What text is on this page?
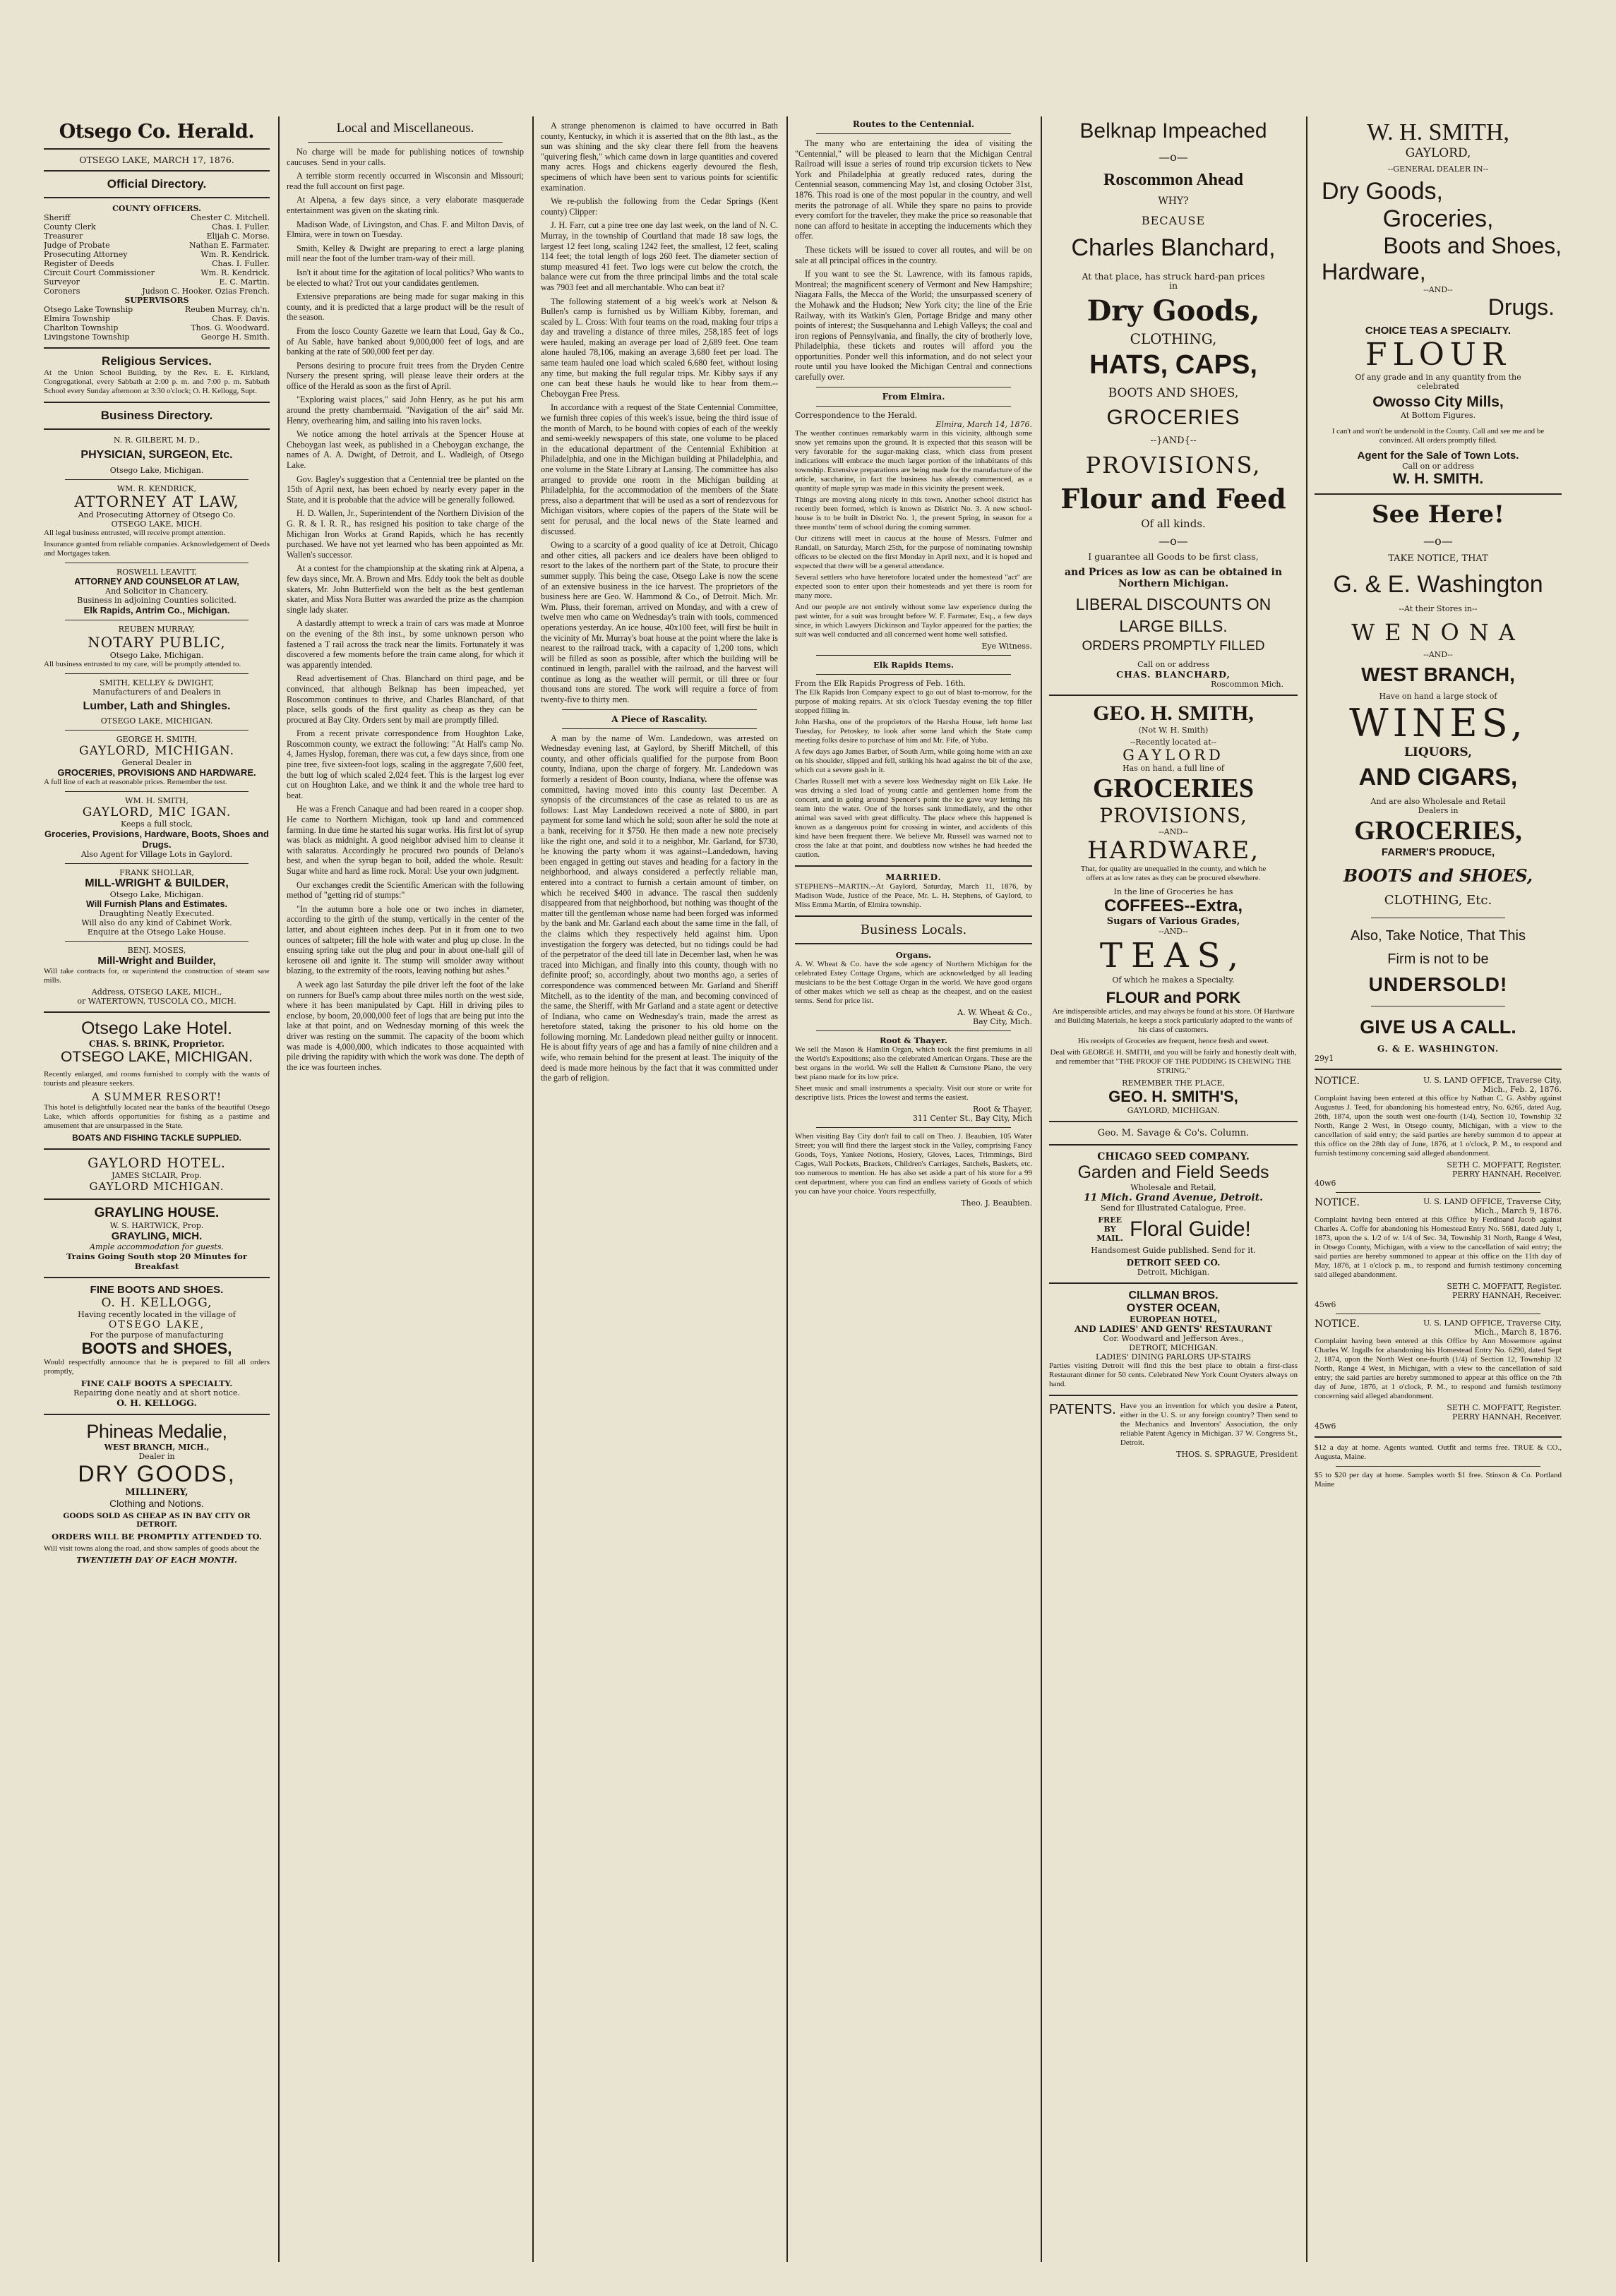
Otsego Co. Herald.
OTSEGO LAKE, MARCH 17, 1876.
Official Directory.
COUNTY OFFICERS.
Sheriff	Chester C. Mitchell.
County Clerk	Chas. I. Fuller.
Treasurer	Elijah C. Morse.
Judge of Probate	Nathan E. Farmater.
Prosecuting Attorney	Wm. R. Kendrick.
Register of Deeds	Chas. I. Fuller.
Circuit Court Commissioner	Wm. R. Kendrick.
Surveyor	E. C. Martin.
Coroners	Judson C. Hooker. Ozias French.
SUPERVISORS
Otsego Lake Township	Reuben Murray, ch'n.
Elmira Township	Chas. F. Davis.
Charlton Township	Thos. G. Woodward.
Livingstone Township	George H. Smith.
Religious Services.

At the Union School Building, by the Rev. E. E. Kirkland, Congregational, every Sabbath at 2:00 p. m. and 7:00 p. m. Sabbath School every Sunday afternoon at 3:30 o'clock; O. H. Kellogg, Supt.

Business Directory.
N. R. GILBERT, M. D.,
PHYSICIAN, SURGEON, Etc.
Otsego Lake, Michigan.
WM. R. KENDRICK,
ATTORNEY AT LAW,
And Prosecuting Attorney of Otsego Co.
OTSEGO LAKE, MICH.

All legal business entrusted, will receive prompt attention.

Insurance granted from reliable companies. Acknowledgement of Deeds and Mortgages taken.

ROSWELL LEAVITT,
ATTORNEY AND COUNSELOR AT LAW,
And Solicitor in Chancery.
Business in adjoining Counties solicited.
Elk Rapids, Antrim Co., Michigan.
REUBEN MURRAY,
NOTARY PUBLIC,
Otsego Lake, Michigan.

All business entrusted to my care, will be promptly attended to.

SMITH, KELLEY & DWIGHT,
Manufacturers of and Dealers in
Lumber, Lath and Shingles.
OTSEGO LAKE, MICHIGAN.
GEORGE H. SMITH,
GAYLORD, MICHIGAN.
General Dealer in
GROCERIES, PROVISIONS AND HARDWARE.

A full line of each at reasonable prices. Remember the test.

WM. H. SMITH,
GAYLORD, MIC IGAN.
Keeps a full stock,
Groceries, Provisions, Hardware, Boots, Shoes and Drugs.
Also Agent for Village Lots in Gaylord.
FRANK SHOLLAR,
MILL-WRIGHT & BUILDER,
Otsego Lake, Michigan.
Will Furnish Plans and Estimates.
Draughting Neatly Executed.
Will also do any kind of Cabinet Work.
Enquire at the Otsego Lake House.
BENJ. MOSES,
Mill-Wright and Builder,

Will take contracts for, or superintend the construction of steam saw mills.

Address, OTSEGO LAKE, MICH.,
or WATERTOWN, TUSCOLA CO., MICH.
Otsego Lake Hotel.
CHAS. S. BRINK, Proprietor.
OTSEGO LAKE, MICHIGAN.

Recently enlarged, and rooms furnished to comply with the wants of tourists and pleasure seekers.

A SUMMER RESORT!

This hotel is delightfully located near the banks of the beautiful Otsego Lake, which affords opportunities for fishing as a pastime and amusement that are unsurpassed in the State.

BOATS AND FISHING TACKLE SUPPLIED.
GAYLORD HOTEL.
JAMES StCLAIR, Prop.
GAYLORD MICHIGAN.
GRAYLING HOUSE.
W. S. HARTWICK, Prop.
GRAYLING, MICH.
Ample accommodation for guests.
Trains Going South stop 20 Minutes for Breakfast
FINE BOOTS AND SHOES.
O. H. KELLOGG,
Having recently located in the village of
OTSEGO LAKE,
For the purpose of manufacturing
BOOTS and SHOES,

Would respectfully announce that he is prepared to fill all orders promptly,

FINE CALF BOOTS A SPECIALTY.
Repairing done neatly and at short notice.
O. H. KELLOGG.
Phineas Medalie,
WEST BRANCH, MICH.,
Dealer in
DRY GOODS,
MILLINERY,
Clothing and Notions.
GOODS SOLD AS CHEAP AS IN BAY CITY OR DETROIT.
ORDERS WILL BE PROMPTLY ATTENDED TO.

Will visit towns along the road, and show samples of goods about the

TWENTIETH DAY OF EACH MONTH.
Local and Miscellaneous.

No charge will be made for publishing notices of township caucuses. Send in your calls.

A terrible storm recently occurred in Wisconsin and Missouri; read the full account on first page.

At Alpena, a few days since, a very elaborate masquerade entertainment was given on the skating rink.

Madison Wade, of Livingston, and Chas. F. and Milton Davis, of Elmira, were in town on Tuesday.

Smith, Kelley & Dwight are preparing to erect a large planing mill near the foot of the lumber tram-way of their mill.

Isn't it about time for the agitation of local politics? Who wants to be elected to what? Trot out your candidates gentlemen.

Extensive preparations are being made for sugar making in this county, and it is predicted that a large product will be the result of the season.

From the Iosco County Gazette we learn that Loud, Gay & Co., of Au Sable, have banked about 9,000,000 feet of logs, and are banking at the rate of 500,000 feet per day.

Persons desiring to procure fruit trees from the Dryden Centre Nursery the present spring, will please leave their orders at the office of the Herald as soon as the first of April.

"Exploring waist places," said John Henry, as he put his arm around the pretty chambermaid. "Navigation of the air" said Mr. Henry, overhearing him, and sailing into his raven locks.

We notice among the hotel arrivals at the Spencer House at Cheboygan last week, as published in a Cheboygan exchange, the names of A. A. Dwight, of Detroit, and L. Wadleigh, of Otsego Lake.

Gov. Bagley's suggestion that a Centennial tree be planted on the 15th of April next, has been echoed by nearly every paper in the State, and it is probable that the advice will be generally followed.

H. D. Wallen, Jr., Superintendent of the Northern Division of the G. R. & I. R. R., has resigned his position to take charge of the Michigan Iron Works at Grand Rapids, which he has recently purchased. We have not yet learned who has been appointed as Mr. Wallen's successor.

At a contest for the championship at the skating rink at Alpena, a few days since, Mr. A. Brown and Mrs. Eddy took the belt as double skaters, Mr. John Butterfield won the belt as the best gentleman skater, and Miss Nora Butter was awarded the prize as the champion single lady skater.

A dastardly attempt to wreck a train of cars was made at Monroe on the evening of the 8th inst., by some unknown person who fastened a T rail across the track near the limits. Fortunately it was discovered a few moments before the train came along, for which it was apparently intended.

Read advertisement of Chas. Blanchard on third page, and be convinced, that although Belknap has been impeached, yet Roscommon continues to thrive, and Charles Blanchard, of that place, sells goods of the first quality as cheap as they can be procured at Bay City. Orders sent by mail are promptly filled.

From a recent private correspondence from Houghton Lake, Roscommon county, we extract the following: "At Hall's camp No. 4, James Hyslop, foreman, there was cut, a few days since, from one pine tree, five sixteen-foot logs, scaling in the aggregate 7,600 feet, the butt log of which scaled 2,024 feet. This is the largest log ever cut on Houghton Lake, and we think it and the whole tree hard to beat.

He was a French Canaque and had been reared in a cooper shop. He came to Northern Michigan, took up land and commenced farming. In due time he started his sugar works. His first lot of syrup was black as midnight. A good neighbor advised him to cleanse it with salaratus. Accordingly he procured two pounds of Delano's best, and when the syrup began to boil, added the whole. Result: Sugar white and hard as lime rock. Moral: Use your own judgment.

Our exchanges credit the Scientific American with the following method of "getting rid of stumps:"

"In the autumn bore a hole one or two inches in diameter, according to the girth of the stump, vertically in the center of the latter, and about eighteen inches deep. Put in it from one to two ounces of saltpeter; fill the hole with water and plug up close. In the ensuing spring take out the plug and pour in about one-half gill of kerosene oil and ignite it. The stump will smolder away without blazing, to the extremity of the roots, leaving nothing but ashes."

A week ago last Saturday the pile driver left the foot of the lake on runners for Buel's camp about three miles north on the west side, where it has been manipulated by Capt. Hill in driving piles to enclose, by boom, 20,000,000 feet of logs that are being put into the lake at that point, and on Wednesday morning of this week the driver was resting on the summit. The capacity of the boom which was made is 4,000,000, which indicates to those acquainted with pile driving the rapidity with which the work was done. The depth of the ice was fourteen inches.

A strange phenomenon is claimed to have occurred in Bath county, Kentucky, in which it is asserted that on the 8th last., as the sun was shining and the sky clear there fell from the heavens "quivering flesh," which came down in large quantities and covered many acres. Hogs and chickens eagerly devoured the flesh, specimens of which have been sent to various points for scientific examination.

We re-publish the following from the Cedar Springs (Kent county) Clipper:

J. H. Farr, cut a pine tree one day last week, on the land of N. C. Murray, in the township of Courtland that made 18 saw logs, the largest 12 feet long, scaling 1242 feet, the smallest, 12 feet, scaling 114 feet; the total length of logs 260 feet. The diameter section of stump measured 41 feet. Two logs were cut below the crotch, the balance were cut from the three principal limbs and the total scale was 7903 feet and all merchantable. Who can beat it?

The following statement of a big week's work at Nelson & Bullen's camp is furnished us by William Kibby, foreman, and scaled by L. Cross: With four teams on the road, making four trips a day and traveling a distance of three miles, 258,185 feet of logs were hauled, making an average per load of 2,689 feet. One team alone hauled 78,106, making an average 3,680 feet per load. The same team hauled one load which scaled 6,680 feet, without losing any time, but making the full regular trips. Mr. Kibby says if any one can beat these hauls he would like to hear from them.--Cheboygan Free Press.

In accordance with a request of the State Centennial Committee, we furnish three copies of this week's issue, being the third issue of the month of March, to be bound with copies of each of the weekly and semi-weekly newspapers of this state, one volume to be placed in the educational department of the Centennial Exhibition at Philadelphia, and one in the Michigan building at Philadelphia, and one volume in the State Library at Lansing. The committee has also arranged to provide one room in the Michigan building at Philadelphia, for the accommodation of the members of the State press, also a department that will be used as a sort of rendezvous for Michigan visitors, where copies of the papers of the State will be sent for perusal, and the local news of the State learned and discussed.

Owing to a scarcity of a good quality of ice at Detroit, Chicago and other cities, all packers and ice dealers have been obliged to resort to the lakes of the northern part of the State, to procure their summer supply. This being the case, Otsego Lake is now the scene of an extensive business in the ice harvest. The proprietors of the business here are Geo. W. Hammond & Co., of Detroit. Mich. Mr. Wm. Pluss, their foreman, arrived on Monday, and with a crew of twelve men who came on Wednesday's train with tools, commenced operations yesterday. An ice house, 40x100 feet, will first be built in the vicinity of Mr. Murray's boat house at the point where the lake is nearest to the railroad track, with a capacity of 1,200 tons, which will be filled as soon as possible, after which the building will be continued in length, parallel with the railroad, and the harvest will continue as long as the weather will permit, or till three or four thousand tons are stored. The work will require a force of from twenty-five to thirty men.

A Piece of Rascality.

A man by the name of Wm. Landedown, was arrested on Wednesday evening last, at Gaylord, by Sheriff Mitchell, of this county, and other officials qualified for the purpose from Boon county, Indiana, upon the charge of forgery. Mr. Landedown was formerly a resident of Boon county, Indiana, where the offense was committed, having moved into this county last December. A synopsis of the circumstances of the case as related to us are as follows: Last May Landedown received a note of $800, in part payment for some land which he sold; soon after he sold the note at a bank, receiving for it $750. He then made a new note precisely like the right one, and sold it to a neighbor, Mr. Garland, for $730, he knowing the party whom it was against--Landedown, having been engaged in getting out staves and heading for a factory in the neighborhood, and always considered a perfectly reliable man, entered into a contract to furnish a certain amount of timber, on which he received $400 in advance. The rascal then suddenly disappeared from that neighborhood, but nothing was thought of the matter till the gentleman whose name had been forged was informed by the bank and Mr. Garland each about the same time in the fall, of the claims which they respectively held against him. Upon investigation the forgery was detected, but no tidings could be had of the perpetrator of the deed till late in December last, when he was traced into Michigan, and finally into this county, though with no definite proof; so, accordingly, about two months ago, a series of correspondence was commenced between Mr. Garland and Sheriff Mitchell, as to the identity of the man, and becoming convinced of the same, the Sheriff, with Mr Garland and a state agent or detective of Indiana, who came on Wednesday's train, made the arrest as heretofore stated, taking the prisoner to his old home on the following morning. Mr. Landedown plead neither guilty or innocent. He is about fifty years of age and has a family of nine children and a wife, who remain behind for the present at least. The iniquity of the deed is made more heinous by the fact that it was committed under the garb of religion.

Routes to the Centennial.

The many who are entertaining the idea of visiting the "Centennial," will be pleased to learn that the Michigan Central Railroad will issue a series of round trip excursion tickets to New York and Philadelphia at greatly reduced rates, during the Centennial season, commencing May 1st, and closing October 31st, 1876. This road is one of the most popular in the country, and well merits the patronage of all. While they spare no pains to provide every comfort for the traveler, they make the price so reasonable that none can afford to hesitate in accepting the inducements which they offer.

These tickets will be issued to cover all routes, and will be on sale at all principal offices in the country.

If you want to see the St. Lawrence, with its famous rapids, Montreal; the magnificent scenery of Vermont and New Hampshire; Niagara Falls, the Mecca of the World; the unsurpassed scenery of the Mohawk and the Hudson; New York city; the line of the Erie Railway, with its Watkin's Glen, Portage Bridge and many other points of interest; the Susquehanna and Lehigh Valleys; the coal and iron regions of Pennsylvania, and finally, the city of brotherly love, Philadelphia, these tickets and routes will afford you the opportunities. Ponder well this information, and do not select your route until you have looked the Michigan Central and connections carefully over.

From Elmira.
Correspondence to the Herald.
Elmira, March 14, 1876.

The weather continues remarkably warm in this vicinity, although some snow yet remains upon the ground. It is expected that this season will be very favorable for the sugar-making class, which class from present indications will embrace the much larger portion of the inhabitants of this township. Extensive preparations are being made for the manufacture of the article, saccharine, in fact the business has already commenced, as a quantity of maple syrup was made in this vicinity the present week.

Things are moving along nicely in this town. Another school district has recently been formed, which is known as District No. 3. A new school-house is to be built in District No. 1, the present Spring, in season for a three months' term of school during the coming summer.

Our citizens will meet in caucus at the house of Messrs. Fulmer and Randall, on Saturday, March 25th, for the purpose of nominating township officers to be elected on the first Monday in April next, and it is hoped and expected that there will be a general attendance.

Several settlers who have heretofore located under the homestead "act" are expected soon to enter upon their homesteads and yet there is room for many more.

And our people are not entirely without some law experience during the past winter, for a suit was brought before W. F. Farmater, Esq., a few days since, in which Lawyers Dickinson and Taylor appeared for the parties; the suit was well conducted and all concerned went home well satisfied.

Eye Witness.
Elk Rapids Items.
From the Elk Rapids Progress of Feb. 16th.

The Elk Rapids Iron Company expect to go out of blast to-morrow, for the purpose of making repairs. At six o'clock Tuesday evening the top filler stopped filling in.

John Harsha, one of the proprietors of the Harsha House, left home last Tuesday, for Petoskey, to look after some land which the State camp meeting folks desire to purchase of him and Mr. Fife, of Yuba.

A few days ago James Barber, of South Arm, while going home with an axe on his shoulder, slipped and fell, striking his head against the bit of the axe, which cut a severe gash in it.

Charles Russell met with a severe loss Wednesday night on Elk Lake. He was driving a sled load of young cattle and gentlemen home from the concert, and in going around Spencer's point the ice gave way letting his team into the water. One of the horses sank immediately, and the other animal was saved with great difficulty. The place where this happened is known as a dangerous point for crossing in winter, and accidents of this kind have been frequent there. We believe Mr. Russell was warned not to cross the lake at that point, and doubtless now wishes he had heeded the caution.

MARRIED.

STEPHENS--MARTIN.--At Gaylord, Saturday, March 11, 1876, by Madison Wade, Justice of the Peace, Mr. L. H. Stephens, of Gaylord, to Miss Emma Martin, of Elmira township.

Business Locals.
Organs.

A. W. Wheat & Co. have the sole agency of Northern Michigan for the celebrated Estey Cottage Organs, which are acknowledged by all leading musicians to be the best Cottage Organ in the world. We have good organs of other makes which we sell as cheap as the cheapest, and on the easiest terms. Send for price list.

A. W. Wheat & Co.,
Bay City, Mich.
Root & Thayer.

We sell the Mason & Hamlin Organ, which took the first premiums in all the World's Expositions; also the celebrated American Organs. These are the best organs in the world. We sell the Hallett & Cumstone Piano, the very best piano made for its low price.

Sheet music and small instruments a specialty. Visit our store or write for descriptive lists. Prices the lowest and terms the easiest.

Root & Thayer,
311 Center St., Bay City, Mich

When visiting Bay City don't fail to call on Theo. J. Beaubien, 105 Water Street; you will find there the largest stock in the Valley, comprising Fancy Goods, Toys, Yankee Notions, Hosiery, Gloves, Laces, Trimmings, Bird Cages, Wall Pockets, Brackets, Children's Carriages, Satchels, Baskets, etc. too numerous to mention. He has also set aside a part of his store for a 99 cent department, where you can find an endless variety of Goods of which you can have your choice. Yours respectfully,

Theo. J. Beaubien.
Belknap Impeached
—o—
Roscommon Ahead
WHY?
BECAUSE
Charles Blanchard,
At that place, has struck hard-pan prices in
Dry Goods,
CLOTHING,
HATS, CAPS,
BOOTS AND SHOES,
GROCERIES
--}AND{--
PROVISIONS,
Flour and Feed
Of all kinds.
—o—
I guarantee all Goods to be first class,
and Prices as low as can be obtained in Northern Michigan.
LIBERAL DISCOUNTS ON
LARGE BILLS.
ORDERS PROMPTLY FILLED
Call on or address
CHAS. BLANCHARD,
Roscommon Mich.
GEO. H. SMITH,
(Not W. H. Smith)
--Recently located at--
GAYLORD
Has on hand, a full line of
GROCERIES
PROVISIONS,
--AND--
HARDWARE,

That, for quality are unequalled in the county, and which he offers at as low rates as they can be procured elsewhere.

In the line of Groceries he has
COFFEES--Extra,
Sugars of Various Grades,
--AND--
TEAS,
Of which he makes a Specialty.
FLOUR and PORK

Are indispensible articles, and may always be found at his store. Of Hardware and Building Materials, he keeps a stock particularly adapted to the wants of his class of customers.

His receipts of Groceries are frequent, hence fresh and sweet.

Deal with GEORGE H. SMITH, and you will be fairly and honestly dealt with, and remember that "THE PROOF OF THE PUDDING IS CHEWING THE STRING."

REMEMBER THE PLACE,
GEO. H. SMITH'S,
GAYLORD, MICHIGAN.
Geo. M. Savage & Co's. Column.
CHICAGO SEED COMPANY.
Garden and Field Seeds
Wholesale and Retail,
11 Mich. Grand Avenue, Detroit.
Send for Illustrated Catalogue, Free.
FREE BY MAIL. Floral Guide!
Handsomest Guide published. Send for it.
DETROIT SEED CO.
Detroit, Michigan.
CILLMAN BROS.
OYSTER OCEAN,
EUROPEAN HOTEL,
AND LADIES' AND GENTS' RESTAURANT
Cor. Woodward and Jefferson Aves.,
DETROIT, MICHIGAN.
LADIES' DINING PARLORS UP-STAIRS

Parties visiting Detroit will find this the best place to obtain a first-class Restaurant dinner for 50 cents. Celebrated New York Count Oysters always on hand.

PATENTS. Have you an invention for which you desire a Patent, either in the U. S. or any foreign country? Then send to the Mechanics and Inventors' Association, the only reliable Patent Agency in Michigan. 37 W. Congress St., Detroit.

THOS. S. SPRAGUE, President
W. H. SMITH,
GAYLORD,
--GENERAL DEALER IN--
Dry Goods,
Groceries,
Boots and Shoes,
Hardware,
--AND--
Drugs.
CHOICE TEAS A SPECIALTY.
FLOUR
Of any grade and in any quantity from the celebrated
Owosso City Mills,
At Bottom Figures.

I can't and won't be undersold in the County. Call and see me and be convinced. All orders promptly filled.

Agent for the Sale of Town Lots.
Call on or address
W. H. SMITH.
See Here!
—o—
TAKE NOTICE, THAT
G. & E. Washington
--At their Stores in--
WENONA
--AND--
WEST BRANCH,
Have on hand a large stock of
WINES,
LIQUORS,
AND CIGARS,
And are also Wholesale and Retail
Dealers in
GROCERIES,
FARMER'S PRODUCE,
BOOTS and SHOES,
CLOTHING, Etc.
Also, Take Notice, That This
Firm is not to be
UNDERSOLD!
GIVE US A CALL.
G. & E. WASHINGTON.
29y1
NOTICE.	U. S. LAND OFFICE, Traverse City, Mich., Feb. 2, 1876.

Complaint having been entered at this office by Nathan C. G. Ashby against Augustus J. Teed, for abandoning his homestead entry, No. 6265, dated Aug. 26th, 1874, upon the south west one-fourth (1/4), Section 10, Township 32 North, Range 2 West, in Otsego county, Michigan, with a view to the cancellation of said entry; the said parties are hereby summon d to appear at this office on the 28th day of June, 1876, at 1 o'clock, P. M., to respond and furnish testimony concerning said alleged abandonment.

SETH C. MOFFATT, Register.
PERRY HANNAH, Receiver.
40w6
NOTICE.	U. S. LAND OFFICE, Traverse City, Mich., March 9, 1876.

Complaint having been entered at this Office by Ferdinand Jacob against Charles A. Coffe for abandoning his Homestead Entry No. 5681, dated July 1, 1873, upon the s. 1/2 of w. 1/4 of Sec. 34, Township 31 North, Range 4 West, in Otsego County, Michigan, with a view to the cancellation of said entry; the said parties are hereby summoned to appear at this office on the 11th day of May, 1876, at 1 o'clock p. m., to respond and furnish testimony concerning said alleged abandonment.

SETH C. MOFFATT, Register.
PERRY HANNAH, Receiver.
45w6
NOTICE.	U. S. LAND OFFICE, Traverse City, Mich., March 8, 1876.

Complaint having been entered at this Office by Ann Mossemore against Charles W. Ingalls for abandoning his Homestead Entry No. 6290, dated Sept 2, 1874, upon the North West one-fourth (1/4) of Section 12, Township 32 North, Range 4 West, in Michigan, with a view to the cancellation of said entry; the said parties are hereby summoned to appear at this office on the 7th day of June, 1876, at 1 o'clock, P. M., to respond and furnish testimony concerning said alleged abandonment.

SETH C. MOFFATT, Register.
PERRY HANNAH, Receiver.
45w6

$12 a day at home. Agents wanted. Outfit and terms free. TRUE & CO., Augusta, Maine.

$5 to $20 per day at home. Samples worth $1 free. Stinson & Co. Portland Maine
